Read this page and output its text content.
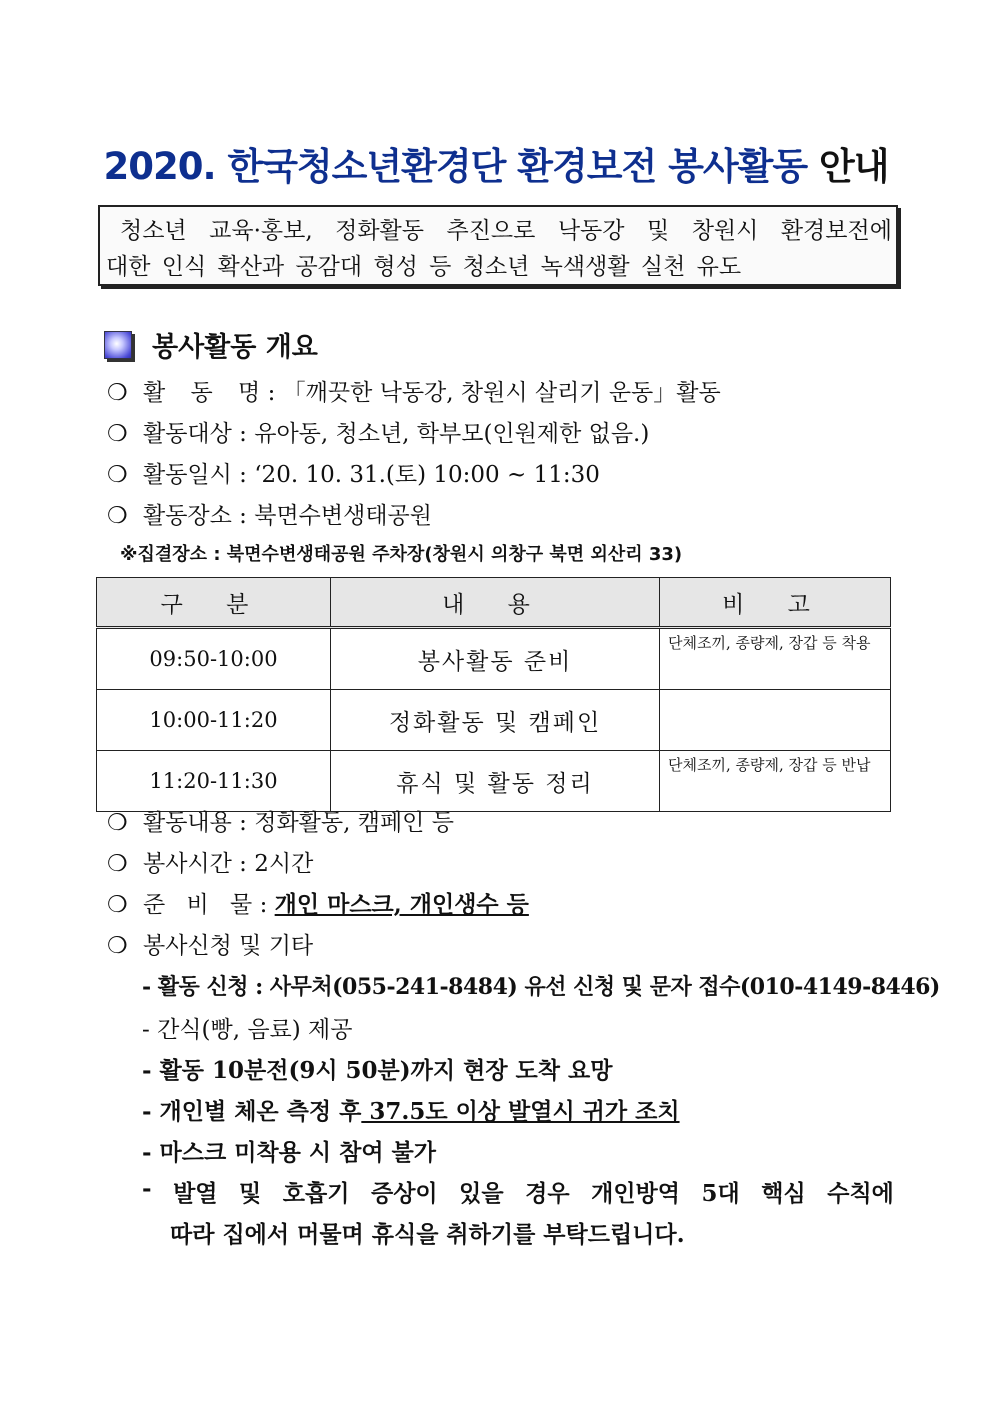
2020. 한국청소년환경단 환경보전 봉사활동 안내
청소년 교육·홍보, 정화활동 추진으로 낙동강 및 창원시 환경보전에
대한 인식 확산과 공감대 형성 등 청소년 녹색생활 실천 유도
봉사활동 개요
❍ 활 동 명 : 「깨끗한 낙동강, 창원시 살리기 운동」활동
❍ 활동대상 : 유아동, 청소년, 학부모(인원제한 없음.)
❍ 활동일시 : ‘20. 10. 31.(토) 10:00 ~ 11:30
❍ 활동장소 : 북면수변생태공원
※집결장소 : 북면수변생태공원 주차장(창원시 의창구 북면 외산리 33)
구 분	내 용	비 고
09:50-10:00	봉사활동 준비	단체조끼, 종량제, 장갑 등 착용
10:00-11:20	정화활동 및 캠페인	
11:20-11:30	휴식 및 활동 정리	단체조끼, 종량제, 장갑 등 반납
❍ 활동내용 : 정화활동, 캠페인 등
❍ 봉사시간 : 2시간
❍ 준 비 물 : 개인 마스크, 개인생수 등
❍ 봉사신청 및 기타
- 활동 신청 : 사무처(055-241-8484) 유선 신청 및 문자 접수(010-4149-8446)
- 간식(빵, 음료) 제공
- 활동 10분전(9시 50분)까지 현장 도착 요망
- 개인별 체온 측정 후 37.5도 이상 발열시 귀가 조치
- 마스크 미착용 시 참여 불가
- 발열 및 호흡기 증상이 있을 경우 개인방역 5대 핵심 수칙에
따라 집에서 머물며 휴식을 취하기를 부탁드립니다.
